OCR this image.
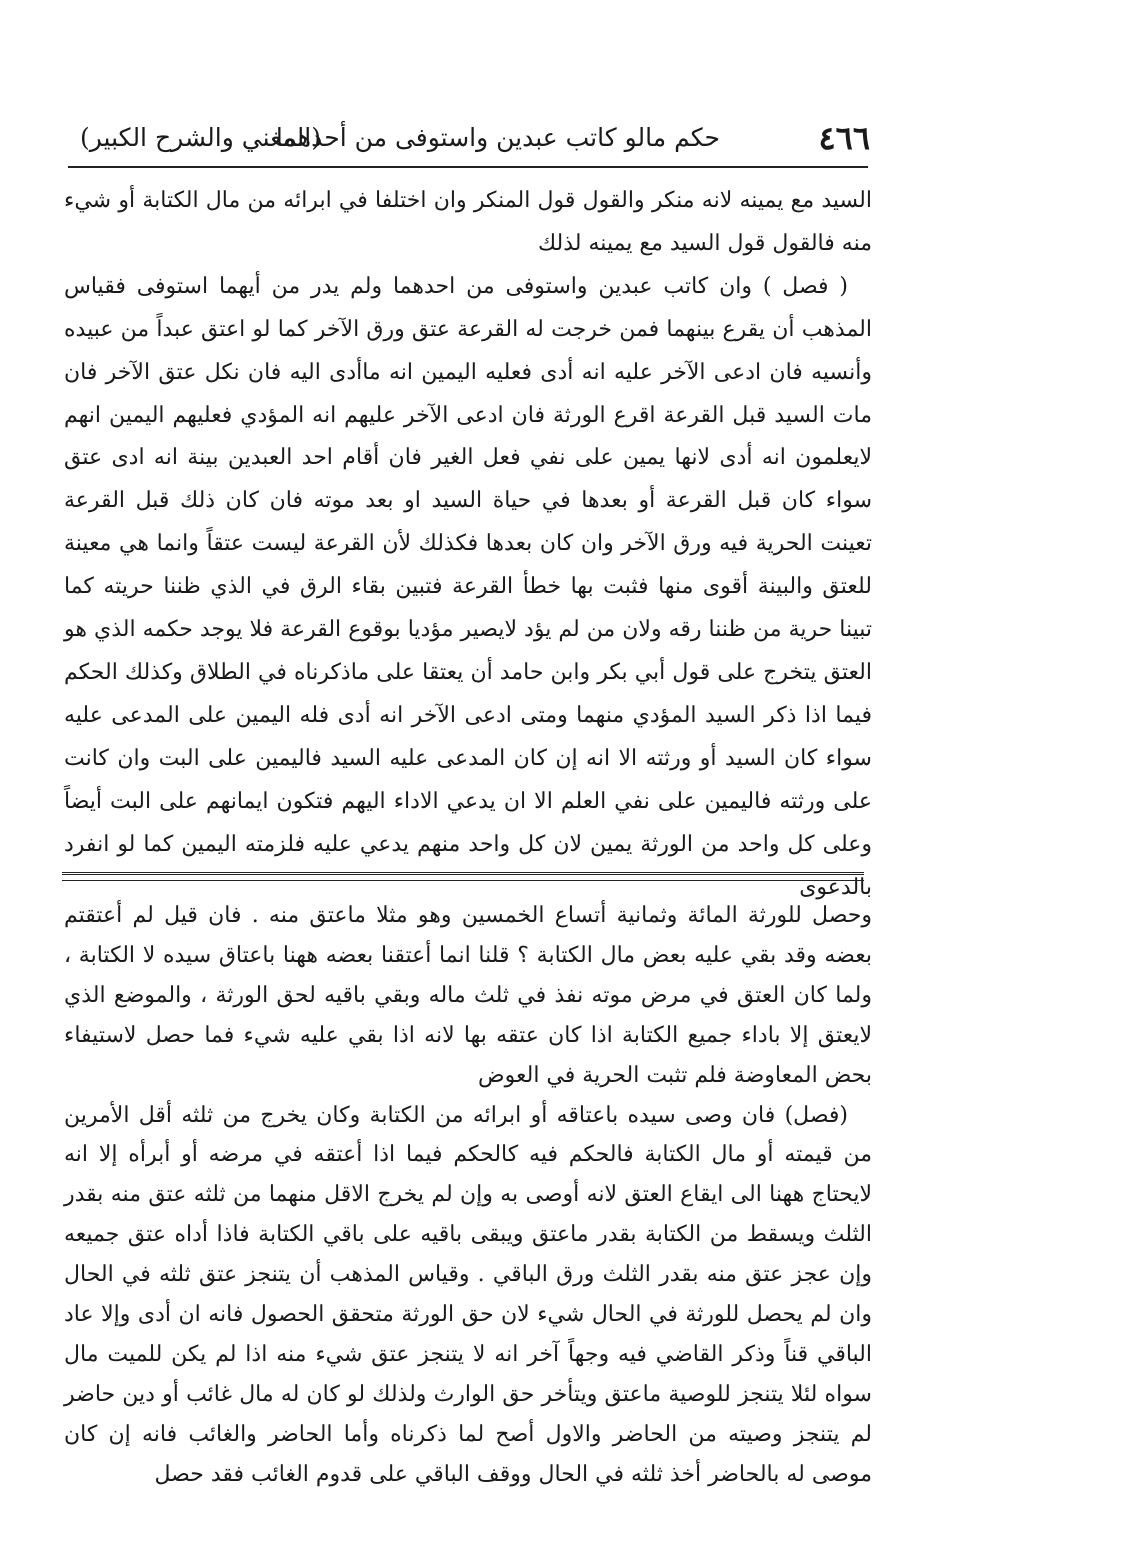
٤٦٦
حكم مالو كاتب عبدين واستوفى من أحدهما
(المغني والشرح الكبير)

السيد مع يمينه لانه منكر والقول قول المنكر وان اختلفا في ابرائه من مال الكتابة أو شيء منه فالقول قول السيد مع يمينه لذلك

( فصل ) وان كاتب عبدين واستوفى من احدهما ولم يدر من أيهما استوفى فقياس المذهب أن يقرع بينهما فمن خرجت له القرعة عتق ورق الآخر كما لو اعتق عبداً من عبيده وأنسيه فان ادعى الآخر عليه انه أدى فعليه اليمين انه ماأدى اليه فان نكل عتق الآخر فان مات السيد قبل القرعة اقرع الورثة فان ادعى الآخر عليهم انه المؤدي فعليهم اليمين انهم لايعلمون انه أدى لانها يمين على نفي فعل الغير فان أقام احد العبدين بينة انه ادى عتق سواء كان قبل القرعة أو بعدها في حياة السيد او بعد موته فان كان ذلك قبل القرعة تعينت الحرية فيه ورق الآخر وان كان بعدها فكذلك لأن القرعة ليست عتقاً وانما هي معينة للعتق والبينة أقوى منها فثبت بها خطأ القرعة فتبين بقاء الرق في الذي ظننا حريته كما تبينا حرية من ظننا رقه ولان من لم يؤد لايصير مؤديا بوقوع القرعة فلا يوجد حكمه الذي هو العتق يتخرج على قول أبي بكر وابن حامد أن يعتقا على ماذكرناه في الطلاق وكذلك الحكم فيما اذا ذكر السيد المؤدي منهما ومتى ادعى الآخر انه أدى فله اليمين على المدعى عليه سواء كان السيد أو ورثته الا انه إن كان المدعى عليه السيد فاليمين على البت وان كانت على ورثته فاليمين على نفي العلم الا ان يدعي الاداء اليهم فتكون ايمانهم على البت أيضاً وعلى كل واحد من الورثة يمين لان كل واحد منهم يدعي عليه فلزمته اليمين كما لو انفرد بالدعوى

وحصل للورثة المائة وثمانية أتساع الخمسين وهو مثلا ماعتق منه . فان قيل لم أعتقتم بعضه وقد بقي عليه بعض مال الكتابة ؟ قلنا انما أعتقنا بعضه ههنا باعتاق سيده لا الكتابة ، ولما كان العتق في مرض موته نفذ في ثلث ماله وبقي باقيه لحق الورثة ، والموضع الذي لايعتق إلا باداء جميع الكتابة اذا كان عتقه بها لانه اذا بقي عليه شيء فما حصل لاستيفاء بحض المعاوضة فلم تثبت الحرية في العوض

(فصل) فان وصى سيده باعتاقه أو ابرائه من الكتابة وكان يخرج من ثلثه أقل الأمرين من قيمته أو مال الكتابة فالحكم فيه كالحكم فيما اذا أعتقه في مرضه أو أبرأه إلا انه لايحتاج ههنا الى ايقاع العتق لانه أوصى به وإن لم يخرج الاقل منهما من ثلثه عتق منه بقدر الثلث ويسقط من الكتابة بقدر ماعتق ويبقى باقيه على باقي الكتابة فاذا أداه عتق جميعه وإن عجز عتق منه بقدر الثلث ورق الباقي . وقياس المذهب أن يتنجز عتق ثلثه في الحال وان لم يحصل للورثة في الحال شيء لان حق الورثة متحقق الحصول فانه ان أدى وإلا عاد الباقي قناً وذكر القاضي فيه وجهاً آخر انه لا يتنجز عتق شيء منه اذا لم يكن للميت مال سواه لئلا يتنجز للوصية ماعتق ويتأخر حق الوارث ولذلك لو كان له مال غائب أو دين حاضر لم يتنجز وصيته من الحاضر والاول أصح لما ذكرناه وأما الحاضر والغائب فانه إن كان موصى له بالحاضر أخذ ثلثه في الحال ووقف الباقي على قدوم الغائب فقد حصل
